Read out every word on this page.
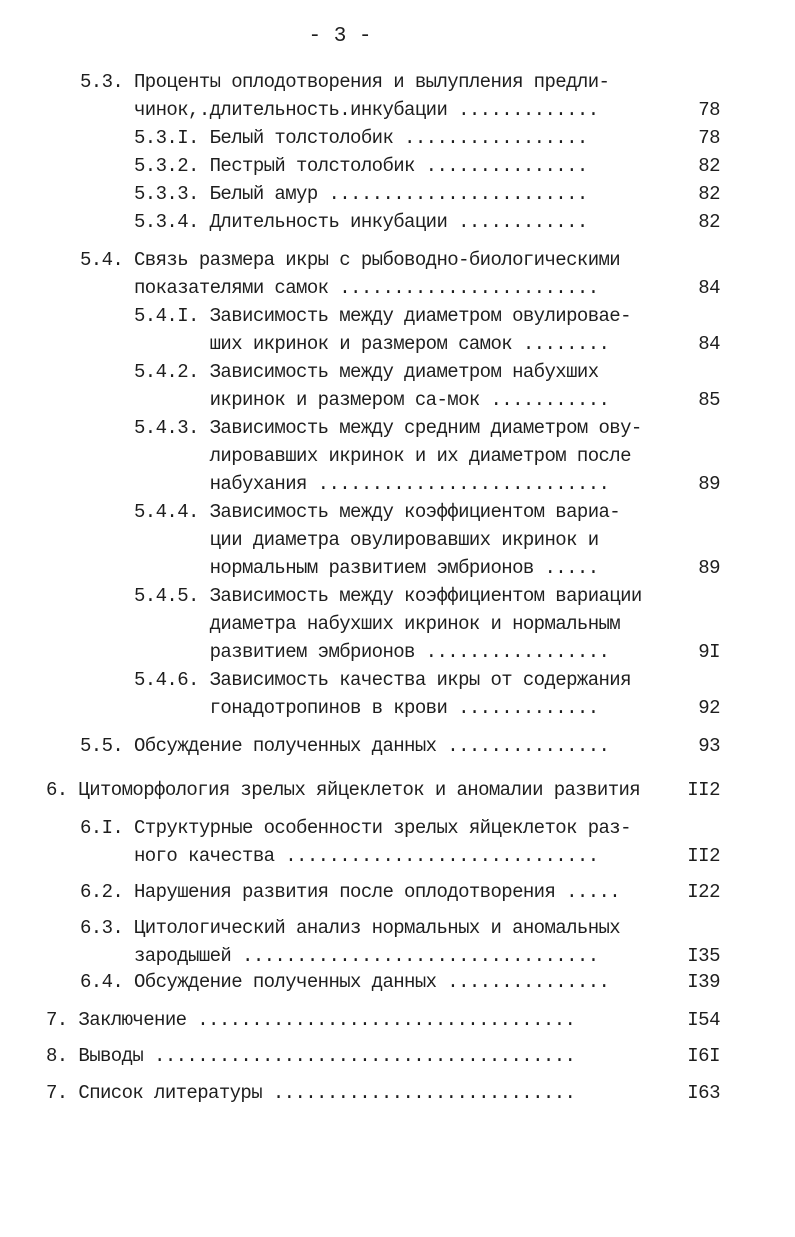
- 3 -
5.3. Проценты оплодотворения и вылупления предли-
чинок,.длительность.инкубации .............	78
5.3.I. Белый толстолобик .................	78
5.3.2. Пестрый толстолобик ...............	82
5.3.3. Белый амур ........................	82
5.3.4. Длительность инкубации ............	82
5.4. Связь размера икры с рыбоводно-биологическими
показателями самок ........................	84
5.4.I. Зависимость между диаметром овулироваe-
ших икринок и размером самок ........	84
5.4.2. Зависимость между диаметром набухших
икринок и размером са-мок ...........	85
5.4.3. Зависимость между средним диаметром ову-
лировавших икринок и их диаметром после
набухания ...........................	89
5.4.4. Зависимость между коэффициентом вариа-
ции диаметра овулировавших икринок и
нормальным развитием эмбрионов .....	89
5.4.5. Зависимость между коэффициентом вариации
диаметра набухших икринок и нормальным
развитием эмбрионов .................	9I
5.4.6. Зависимость качества икры от содержания
гонадотропинов в крови .............	92
5.5. Обсуждение полученных данных ...............	93
6. Цитоморфология зрелых яйцеклеток и аномалии развития	II2
6.I. Структурные особенности зрелых яйцеклеток раз-
ного качества .............................	II2
6.2. Нарушения развития после оплодотворения .....	I22
6.3. Цитологический анализ нормальных и аномальных
зародышей .................................	I35
6.4. Обсуждение полученных данных ...............	I39
7. Заключение ...................................	I54
8. Выводы .......................................	I6I
7. Список литературы ............................	I63
